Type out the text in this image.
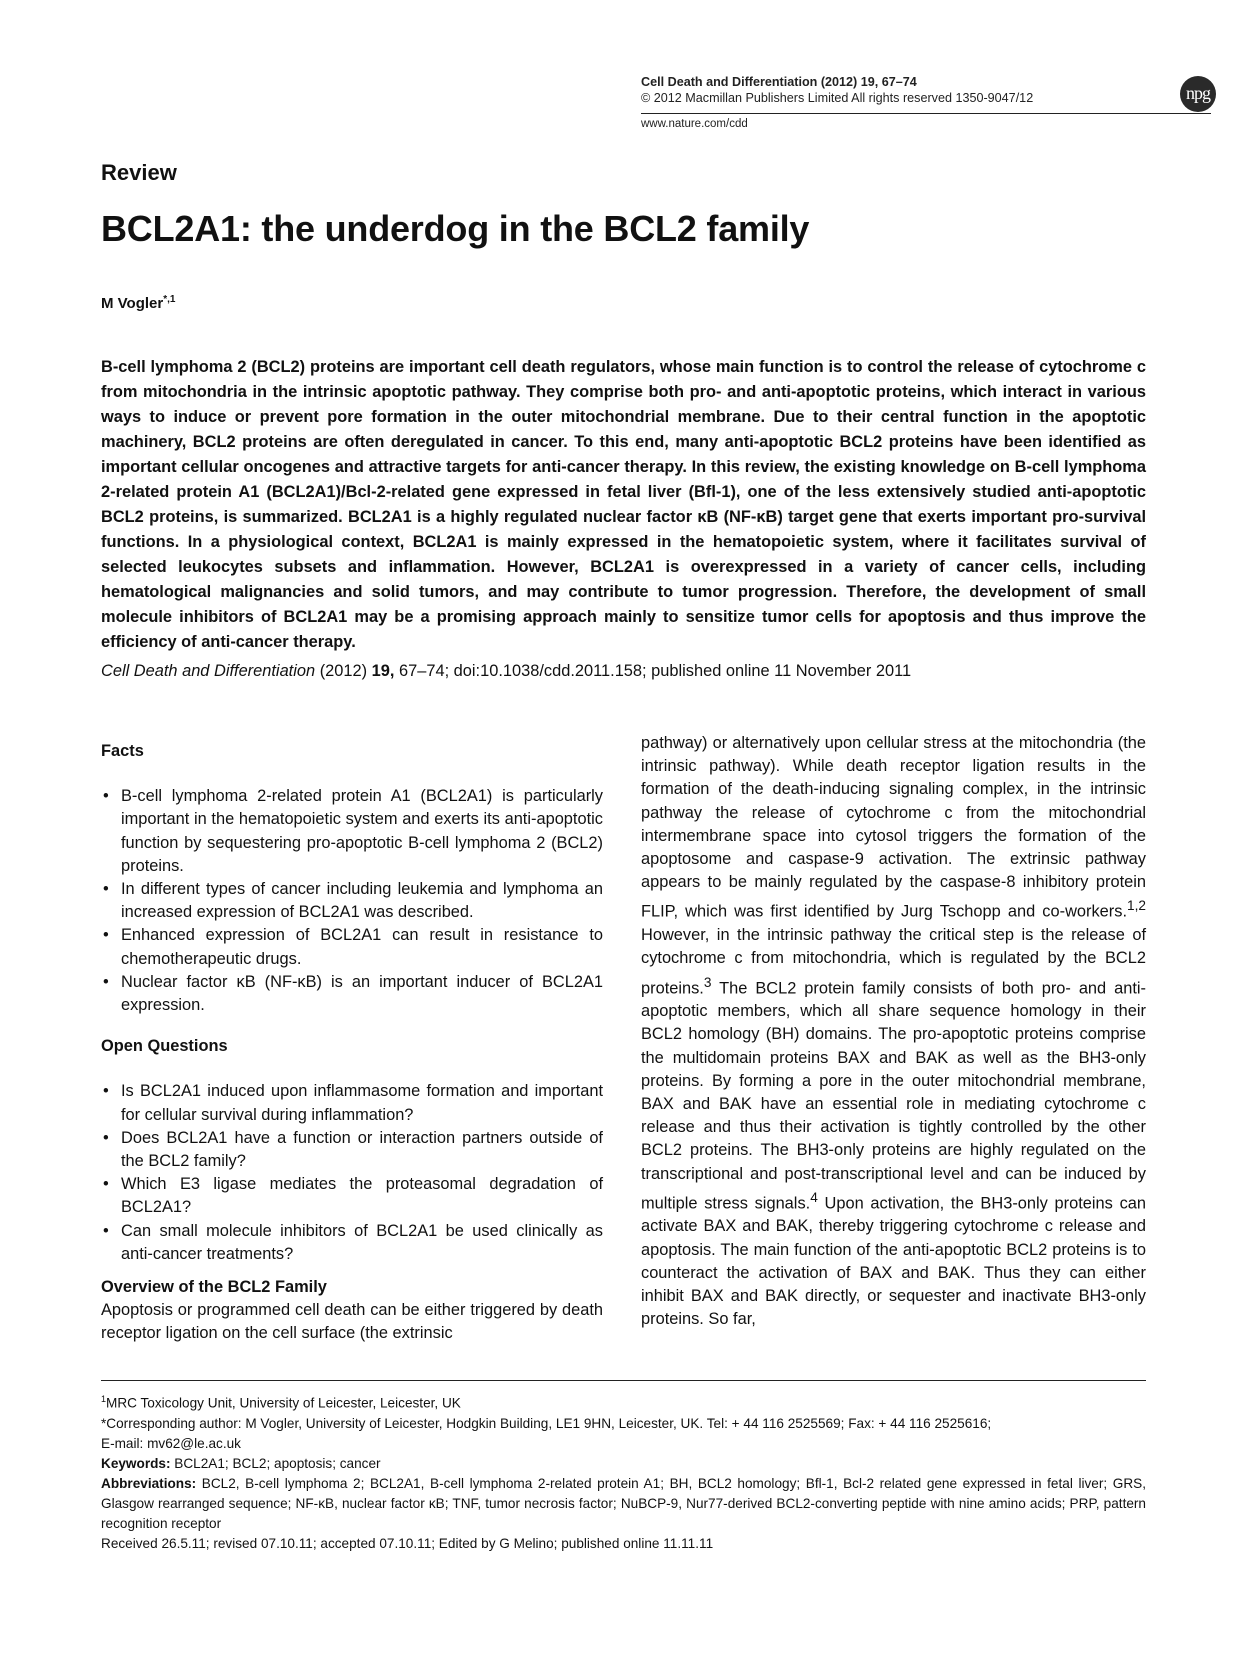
Cell Death and Differentiation (2012) 19, 67–74
© 2012 Macmillan Publishers Limited All rights reserved 1350-9047/12
www.nature.com/cdd
npg
Review
BCL2A1: the underdog in the BCL2 family
M Vogler$^{*,1}$
B-cell lymphoma 2 (BCL2) proteins are important cell death regulators, whose main function is to control the release of cytochrome c from mitochondria in the intrinsic apoptotic pathway. They comprise both pro- and anti-apoptotic proteins, which interact in various ways to induce or prevent pore formation in the outer mitochondrial membrane. Due to their central function in the apoptotic machinery, BCL2 proteins are often deregulated in cancer. To this end, many anti-apoptotic BCL2 proteins have been identified as important cellular oncogenes and attractive targets for anti-cancer therapy. In this review, the existing knowledge on B-cell lymphoma 2-related protein A1 (BCL2A1)/Bcl-2-related gene expressed in fetal liver (Bfl-1), one of the less extensively studied anti-apoptotic BCL2 proteins, is summarized. BCL2A1 is a highly regulated nuclear factor κB (NF-κB) target gene that exerts important pro-survival functions. In a physiological context, BCL2A1 is mainly expressed in the hematopoietic system, where it facilitates survival of selected leukocytes subsets and inflammation. However, BCL2A1 is overexpressed in a variety of cancer cells, including hematological malignancies and solid tumors, and may contribute to tumor progression. Therefore, the development of small molecule inhibitors of BCL2A1 may be a promising approach mainly to sensitize tumor cells for apoptosis and thus improve the efficiency of anti-cancer therapy.
Cell Death and Differentiation (2012) 19, 67–74; doi:10.1038/cdd.2011.158; published online 11 November 2011
Facts
• B-cell lymphoma 2-related protein A1 (BCL2A1) is particularly important in the hematopoietic system and exerts its anti-apoptotic function by sequestering pro-apoptotic B-cell lymphoma 2 (BCL2) proteins.
• In different types of cancer including leukemia and lymphoma an increased expression of BCL2A1 was described.
• Enhanced expression of BCL2A1 can result in resistance to chemotherapeutic drugs.
• Nuclear factor κB (NF-κB) is an important inducer of BCL2A1 expression.
Open Questions
• Is BCL2A1 induced upon inflammasome formation and important for cellular survival during inflammation?
• Does BCL2A1 have a function or interaction partners outside of the BCL2 family?
• Which E3 ligase mediates the proteasomal degradation of BCL2A1?
• Can small molecule inhibitors of BCL2A1 be used clinically as anti-cancer treatments?
Overview of the BCL2 Family
Apoptosis or programmed cell death can be either triggered by death receptor ligation on the cell surface (the extrinsic
pathway) or alternatively upon cellular stress at the mitochondria (the intrinsic pathway). While death receptor ligation results in the formation of the death-inducing signaling complex, in the intrinsic pathway the release of cytochrome c from the mitochondrial intermembrane space into cytosol triggers the formation of the apoptosome and caspase-9 activation. The extrinsic pathway appears to be mainly regulated by the caspase-8 inhibitory protein FLIP, which was first identified by Jurg Tschopp and co-workers.$^{1,2}$ However, in the intrinsic pathway the critical step is the release of cytochrome c from mitochondria, which is regulated by the BCL2 proteins.$^3$ The BCL2 protein family consists of both pro- and anti-apoptotic members, which all share sequence homology in their BCL2 homology (BH) domains. The pro-apoptotic proteins comprise the multidomain proteins BAX and BAK as well as the BH3-only proteins. By forming a pore in the outer mitochondrial membrane, BAX and BAK have an essential role in mediating cytochrome c release and thus their activation is tightly controlled by the other BCL2 proteins. The BH3-only proteins are highly regulated on the transcriptional and post-transcriptional level and can be induced by multiple stress signals.$^4$ Upon activation, the BH3-only proteins can activate BAX and BAK, thereby triggering cytochrome c release and apoptosis. The main function of the anti-apoptotic BCL2 proteins is to counteract the activation of BAX and BAK. Thus they can either inhibit BAX and BAK directly, or sequester and inactivate BH3-only proteins. So far,

$^1$MRC Toxicology Unit, University of Leicester, Leicester, UK

*Corresponding author: M Vogler, University of Leicester, Hodgkin Building, LE1 9HN, Leicester, UK. Tel: + 44 116 2525569; Fax: + 44 116 2525616;

E-mail: mv62@le.ac.uk

Keywords: BCL2A1; BCL2; apoptosis; cancer

Abbreviations: BCL2, B-cell lymphoma 2; BCL2A1, B-cell lymphoma 2-related protein A1; BH, BCL2 homology; Bfl-1, Bcl-2 related gene expressed in fetal liver; GRS, Glasgow rearranged sequence; NF-κB, nuclear factor κB; TNF, tumor necrosis factor; NuBCP-9, Nur77-derived BCL2-converting peptide with nine amino acids; PRP, pattern recognition receptor

Received 26.5.11; revised 07.10.11; accepted 07.10.11; Edited by G Melino; published online 11.11.11
